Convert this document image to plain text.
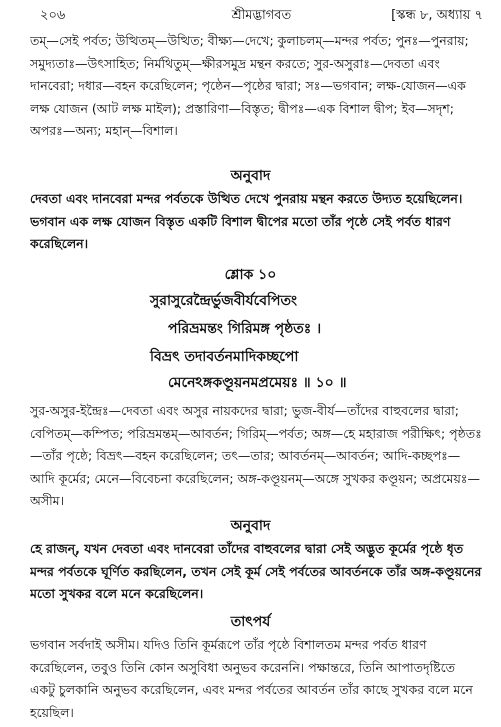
২০৬	শ্রীমদ্ভাগবত	[স্কন্ধ ৮, অধ্যায় ৭
তম্—সেই পর্বত; উত্থিতম্—উত্থিত; বীক্ষ্য—দেখে; কুলাচলম্—মন্দর পর্বত; পুনঃ—পুনরায়; সমুদ্যতাঃ—উৎসাহিত; নির্মথিতুম্—ক্ষীরসমুদ্র মন্থন করতে; সুর-অসুরাঃ—দেবতা এবং দানবেরা; দধার—বহন করেছিলেন; পৃষ্ঠেন—পৃষ্ঠের দ্বারা; সঃ—ভগবান; লক্ষ-যোজন—এক লক্ষ যোজন (আট লক্ষ মাইল); প্রস্তারিণা—বিস্তৃত; দ্বীপঃ—এক বিশাল দ্বীপ; ইব—সদৃশ; অপরঃ—অন্য; মহান্—বিশাল।
অনুবাদ
দেবতা এবং দানবেরা মন্দর পর্বতকে উত্থিত দেখে পুনরায় মন্থন করতে উদ্যত হয়েছিলেন। ভগবান এক লক্ষ যোজন বিস্তৃত একটি বিশাল দ্বীপের মতো তাঁর পৃষ্ঠে সেই পর্বত ধারণ করেছিলেন।
শ্লোক ১০
সুরাসুরেন্দ্রৈর্ভুজবীর্যবেপিতং
পরিভ্রমন্তং গিরিমঙ্গ পৃষ্ঠতঃ ।
বিভ্রৎ তদাবর্তনমাদিকচ্ছপো
মেনেঽঙ্গকণ্ডূয়নমপ্রমেয়ঃ ॥ ১০ ॥
সুর-অসুর-ইন্দ্রৈঃ—দেবতা এবং অসুর নায়কদের দ্বারা; ভুজ-বীর্য—তাঁদের বাহুবলের দ্বারা; বেপিতম্—কম্পিত; পরিভ্রমন্তম্—আবর্তন; গিরিম্—পর্বত; অঙ্গ—হে মহারাজ পরীক্ষিৎ; পৃষ্ঠতঃ—তাঁর পৃষ্ঠে; বিভ্রৎ—বহন করেছিলেন; তৎ—তার; আবর্তনম্—আবর্তন; আদি-কচ্ছপঃ—আদি কূর্মের; মেনে—বিবেচনা করেছিলেন; অঙ্গ-কণ্ডূয়নম্—অঙ্গে সুখকর কণ্ডূয়ন; অপ্রমেয়ঃ—অসীম।
অনুবাদ
হে রাজন্, যখন দেবতা এবং দানবেরা তাঁদের বাহুবলের দ্বারা সেই অদ্ভুত কূর্মের পৃষ্ঠে ধৃত মন্দর পর্বতকে ঘূর্ণিত করছিলেন, তখন সেই কূর্ম সেই পর্বতের আবর্তনকে তাঁর অঙ্গ-কণ্ডূয়নের মতো সুখকর বলে মনে করেছিলেন।
তাৎপর্য
ভগবান সর্বদাই অসীম। যদিও তিনি কূর্মরূপে তাঁর পৃষ্ঠে বিশালতম মন্দর পর্বত ধারণ করেছিলেন, তবুও তিনি কোন অসুবিধা অনুভব করেননি। পক্ষান্তরে, তিনি আপাতদৃষ্টিতে একটু চুলকানি অনুভব করেছিলেন, এবং মন্দর পর্বতের আবর্তন তাঁর কাছে সুখকর বলে মনে হয়েছিল।
